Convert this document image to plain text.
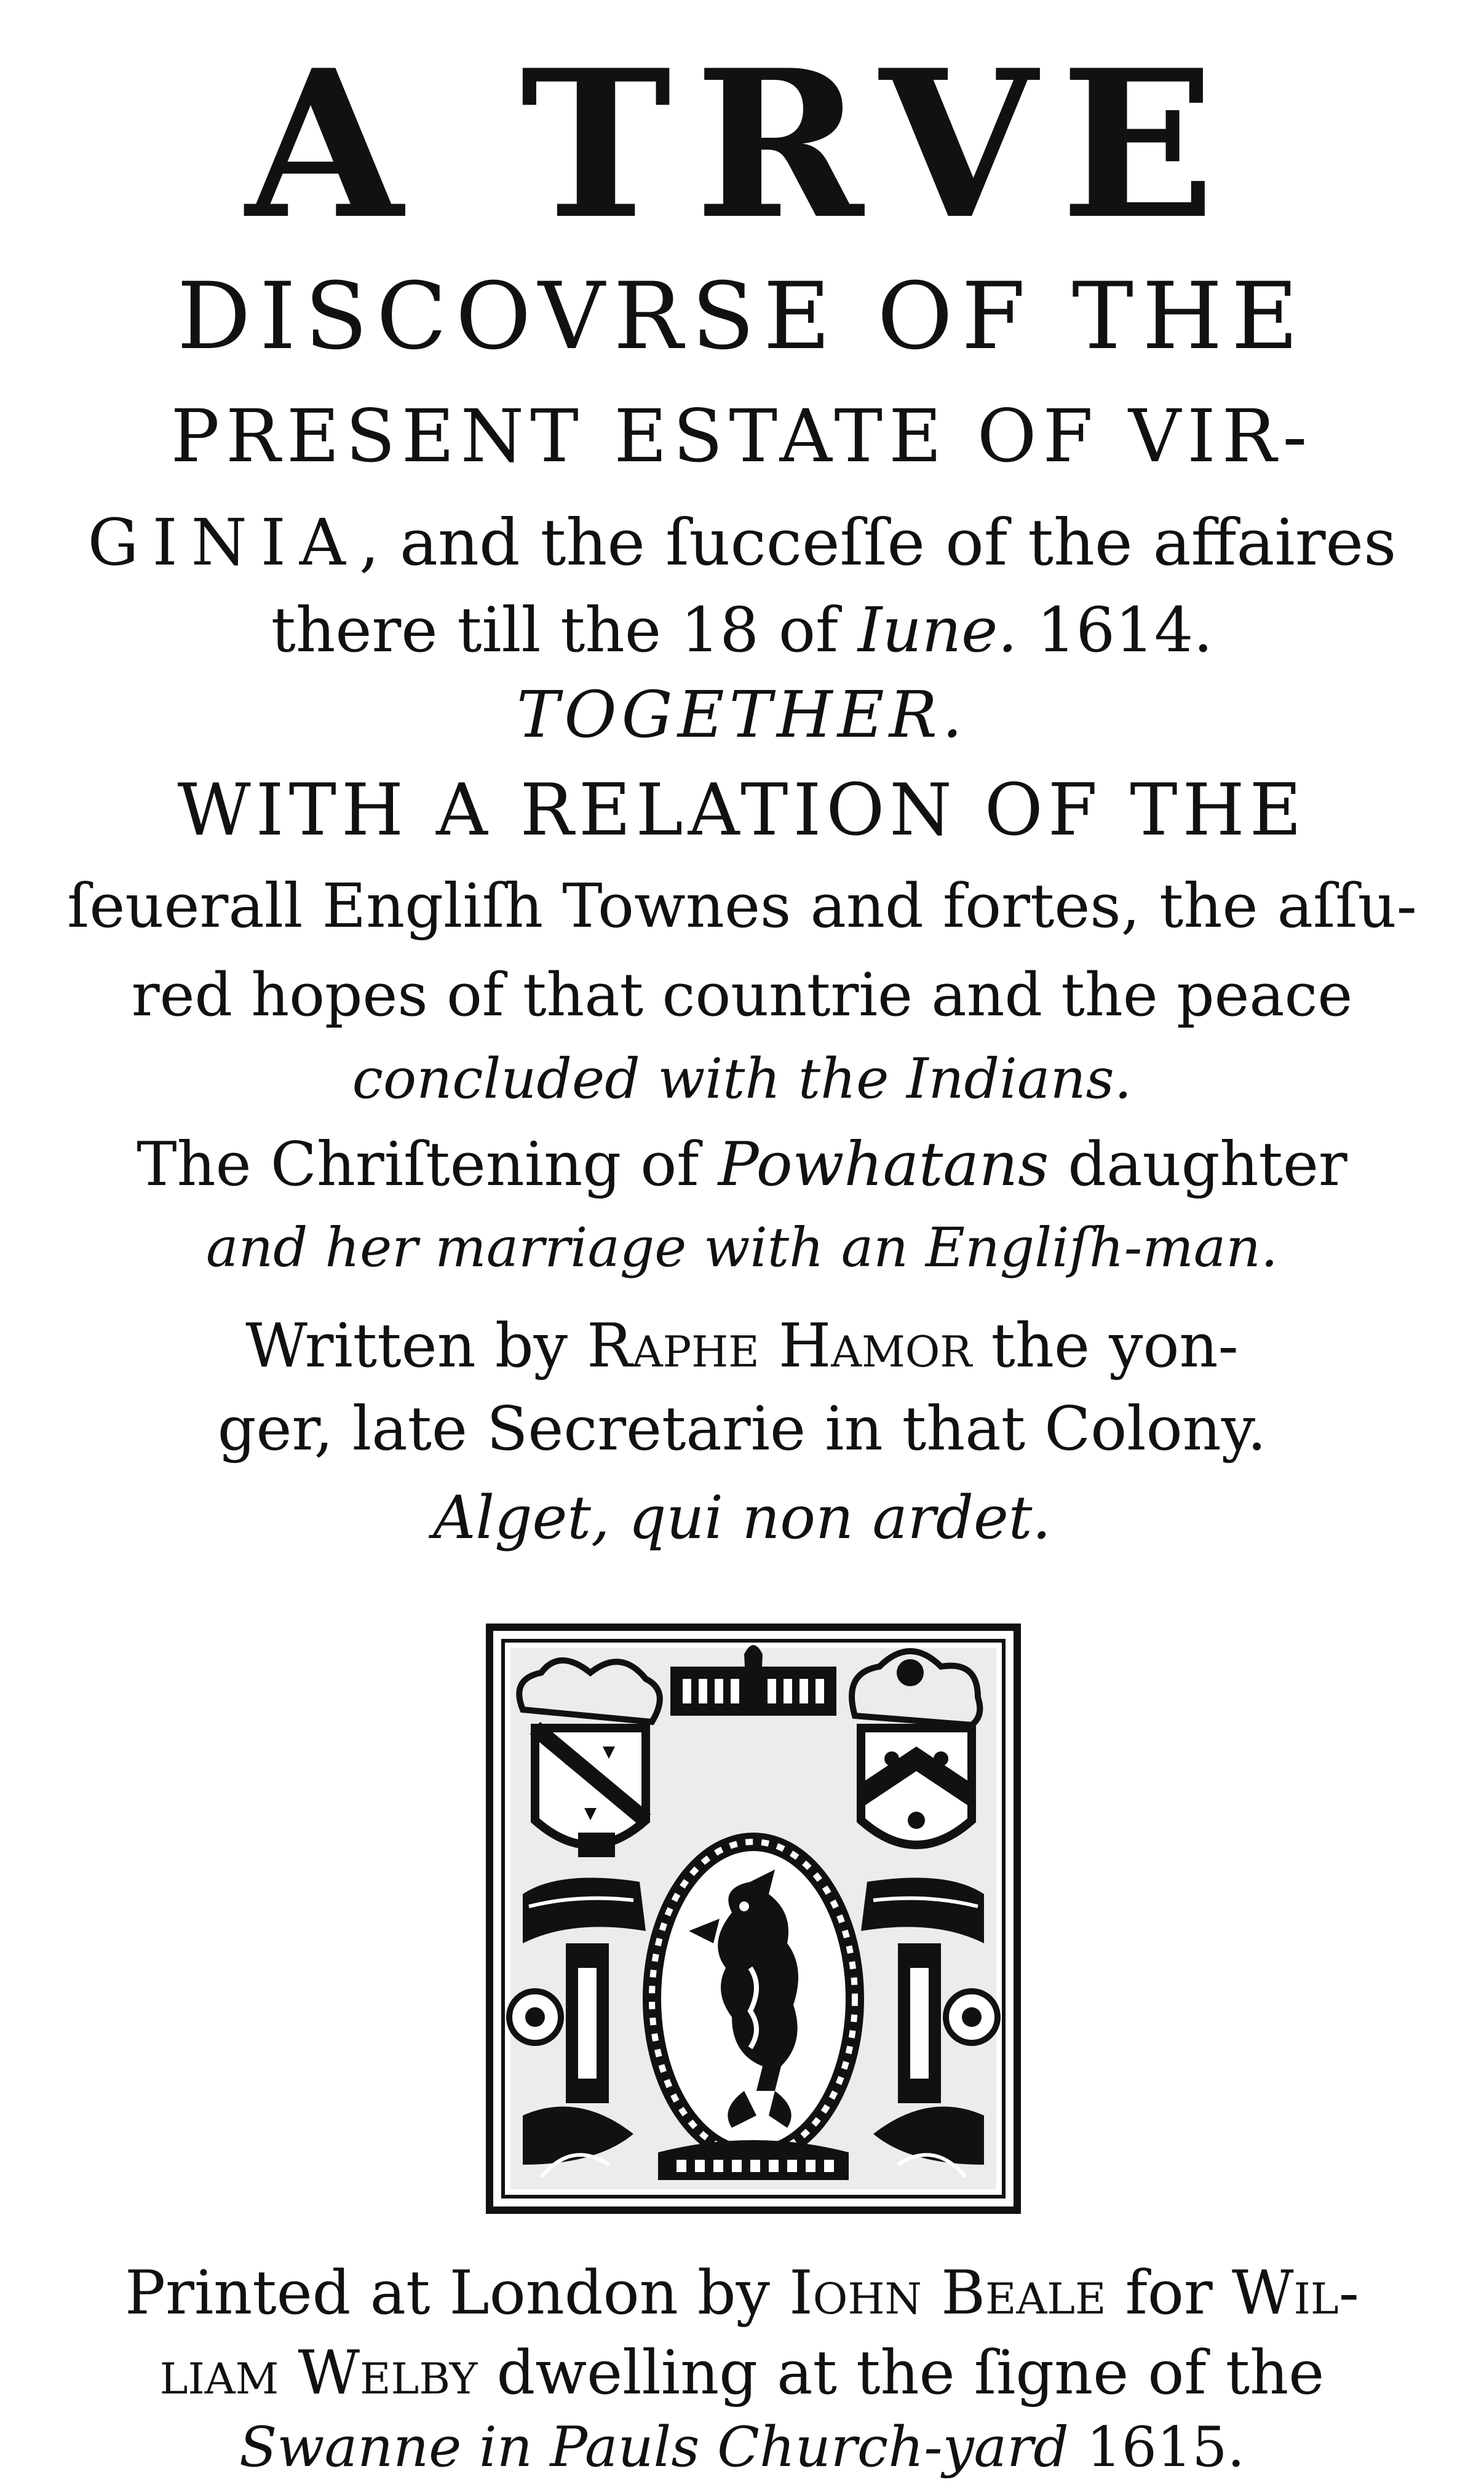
A TRVE
DISCOVRSE OF THE
PRESENT ESTATE OF VIR-
GINIA, and the ſucceſſe of the affaires
there till the 18 of Iune. 1614.
TOGETHER.
WITH A RELATION OF THE
ſeuerall Engliſh Townes and fortes, the aſſu-
red hopes of that countrie and the peace
concluded with the Indians.
The Chriſtening of Powhatans daughter
and her marriage with an Engliſh-man.
Written by Raphe Hamor the yon-
ger, late Secretarie in that Colony.
Alget, qui non ardet.
Printed at London by Iohn Beale for Wil-
liam Welby dwelling at the ſigne of the
Swanne in Pauls Church-yard 1615.
